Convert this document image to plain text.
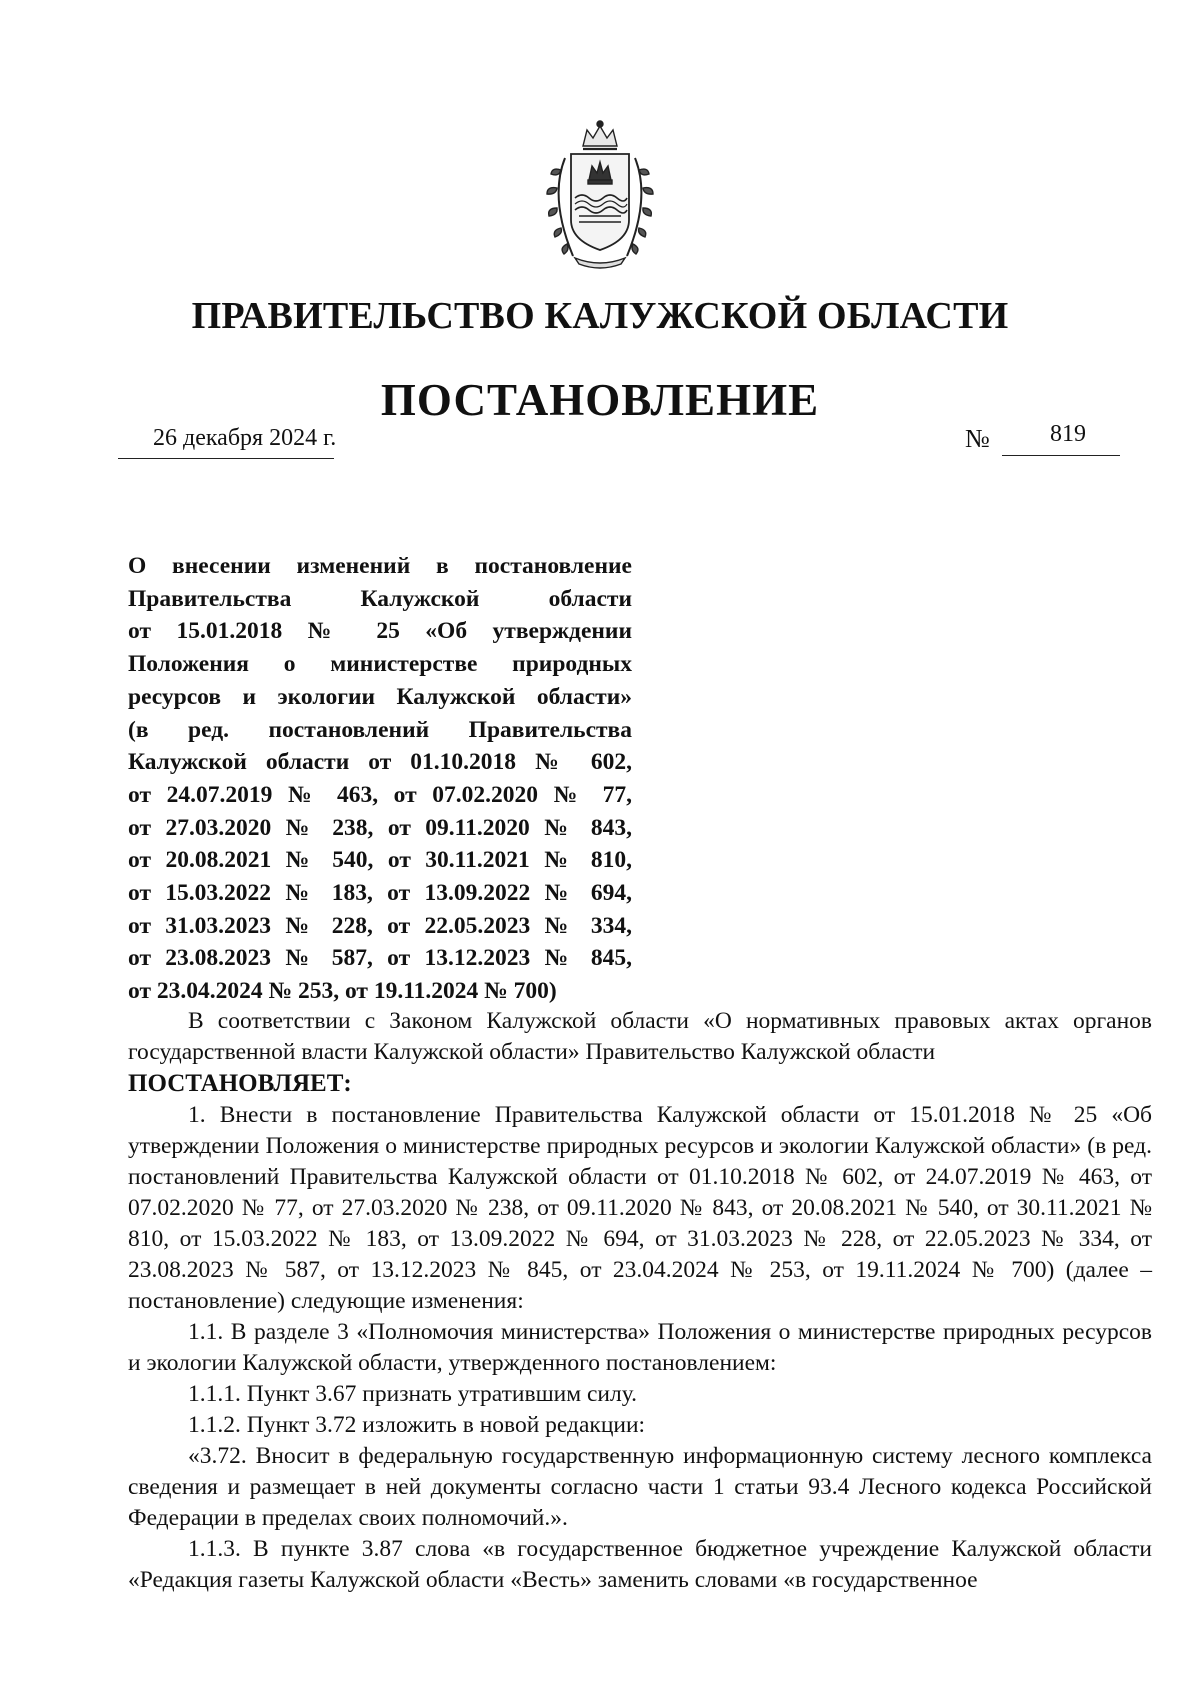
ПРАВИТЕЛЬСТВО КАЛУЖСКОЙ ОБЛАСТИ
ПОСТАНОВЛЕНИЕ
26 декабря 2024 г.	№	819
О внесении изменений в постановление
Правительства Калужской области
от 15.01.2018 № 25 «Об утверждении
Положения о министерстве природных
ресурсов и экологии Калужской области»
(в ред. постановлений Правительства
Калужской области от 01.10.2018 № 602,
от 24.07.2019 № 463, от 07.02.2020 № 77,
от 27.03.2020 № 238, от 09.11.2020 № 843,
от 20.08.2021 № 540, от 30.11.2021 № 810,
от 15.03.2022 № 183, от 13.09.2022 № 694,
от 31.03.2023 № 228, от 22.05.2023 № 334,
от 23.08.2023 № 587, от 13.12.2023 № 845,
от 23.04.2024 № 253, от 19.11.2024 № 700)

В соответствии с Законом Калужской области «О нормативных правовых актах органов государственной власти Калужской области» Правительство Калужской области

ПОСТАНОВЛЯЕТ:

1. Внести в постановление Правительства Калужской области от 15.01.2018 № 25 «Об утверждении Положения о министерстве природных ресурсов и экологии Калужской области» (в ред. постановлений Правительства Калужской области от 01.10.2018 № 602, от 24.07.2019 № 463, от 07.02.2020 № 77, от 27.03.2020 № 238, от 09.11.2020 № 843, от 20.08.2021 № 540, от 30.11.2021 № 810, от 15.03.2022 № 183, от 13.09.2022 № 694, от 31.03.2023 № 228, от 22.05.2023 № 334, от 23.08.2023 № 587, от 13.12.2023 № 845, от 23.04.2024 № 253, от 19.11.2024 № 700) (далее – постановление) следующие изменения:

1.1. В разделе 3 «Полномочия министерства» Положения о министерстве природных ресурсов и экологии Калужской области, утвержденного постановлением:

1.1.1. Пункт 3.67 признать утратившим силу.

1.1.2. Пункт 3.72 изложить в новой редакции:

«3.72. Вносит в федеральную государственную информационную систему лесного комплекса сведения и размещает в ней документы согласно части 1 статьи 93.4 Лесного кодекса Российской Федерации в пределах своих полномочий.».

1.1.3. В пункте 3.87 слова «в государственное бюджетное учреждение Калужской области «Редакция газеты Калужской области «Весть» заменить словами «в государственное
